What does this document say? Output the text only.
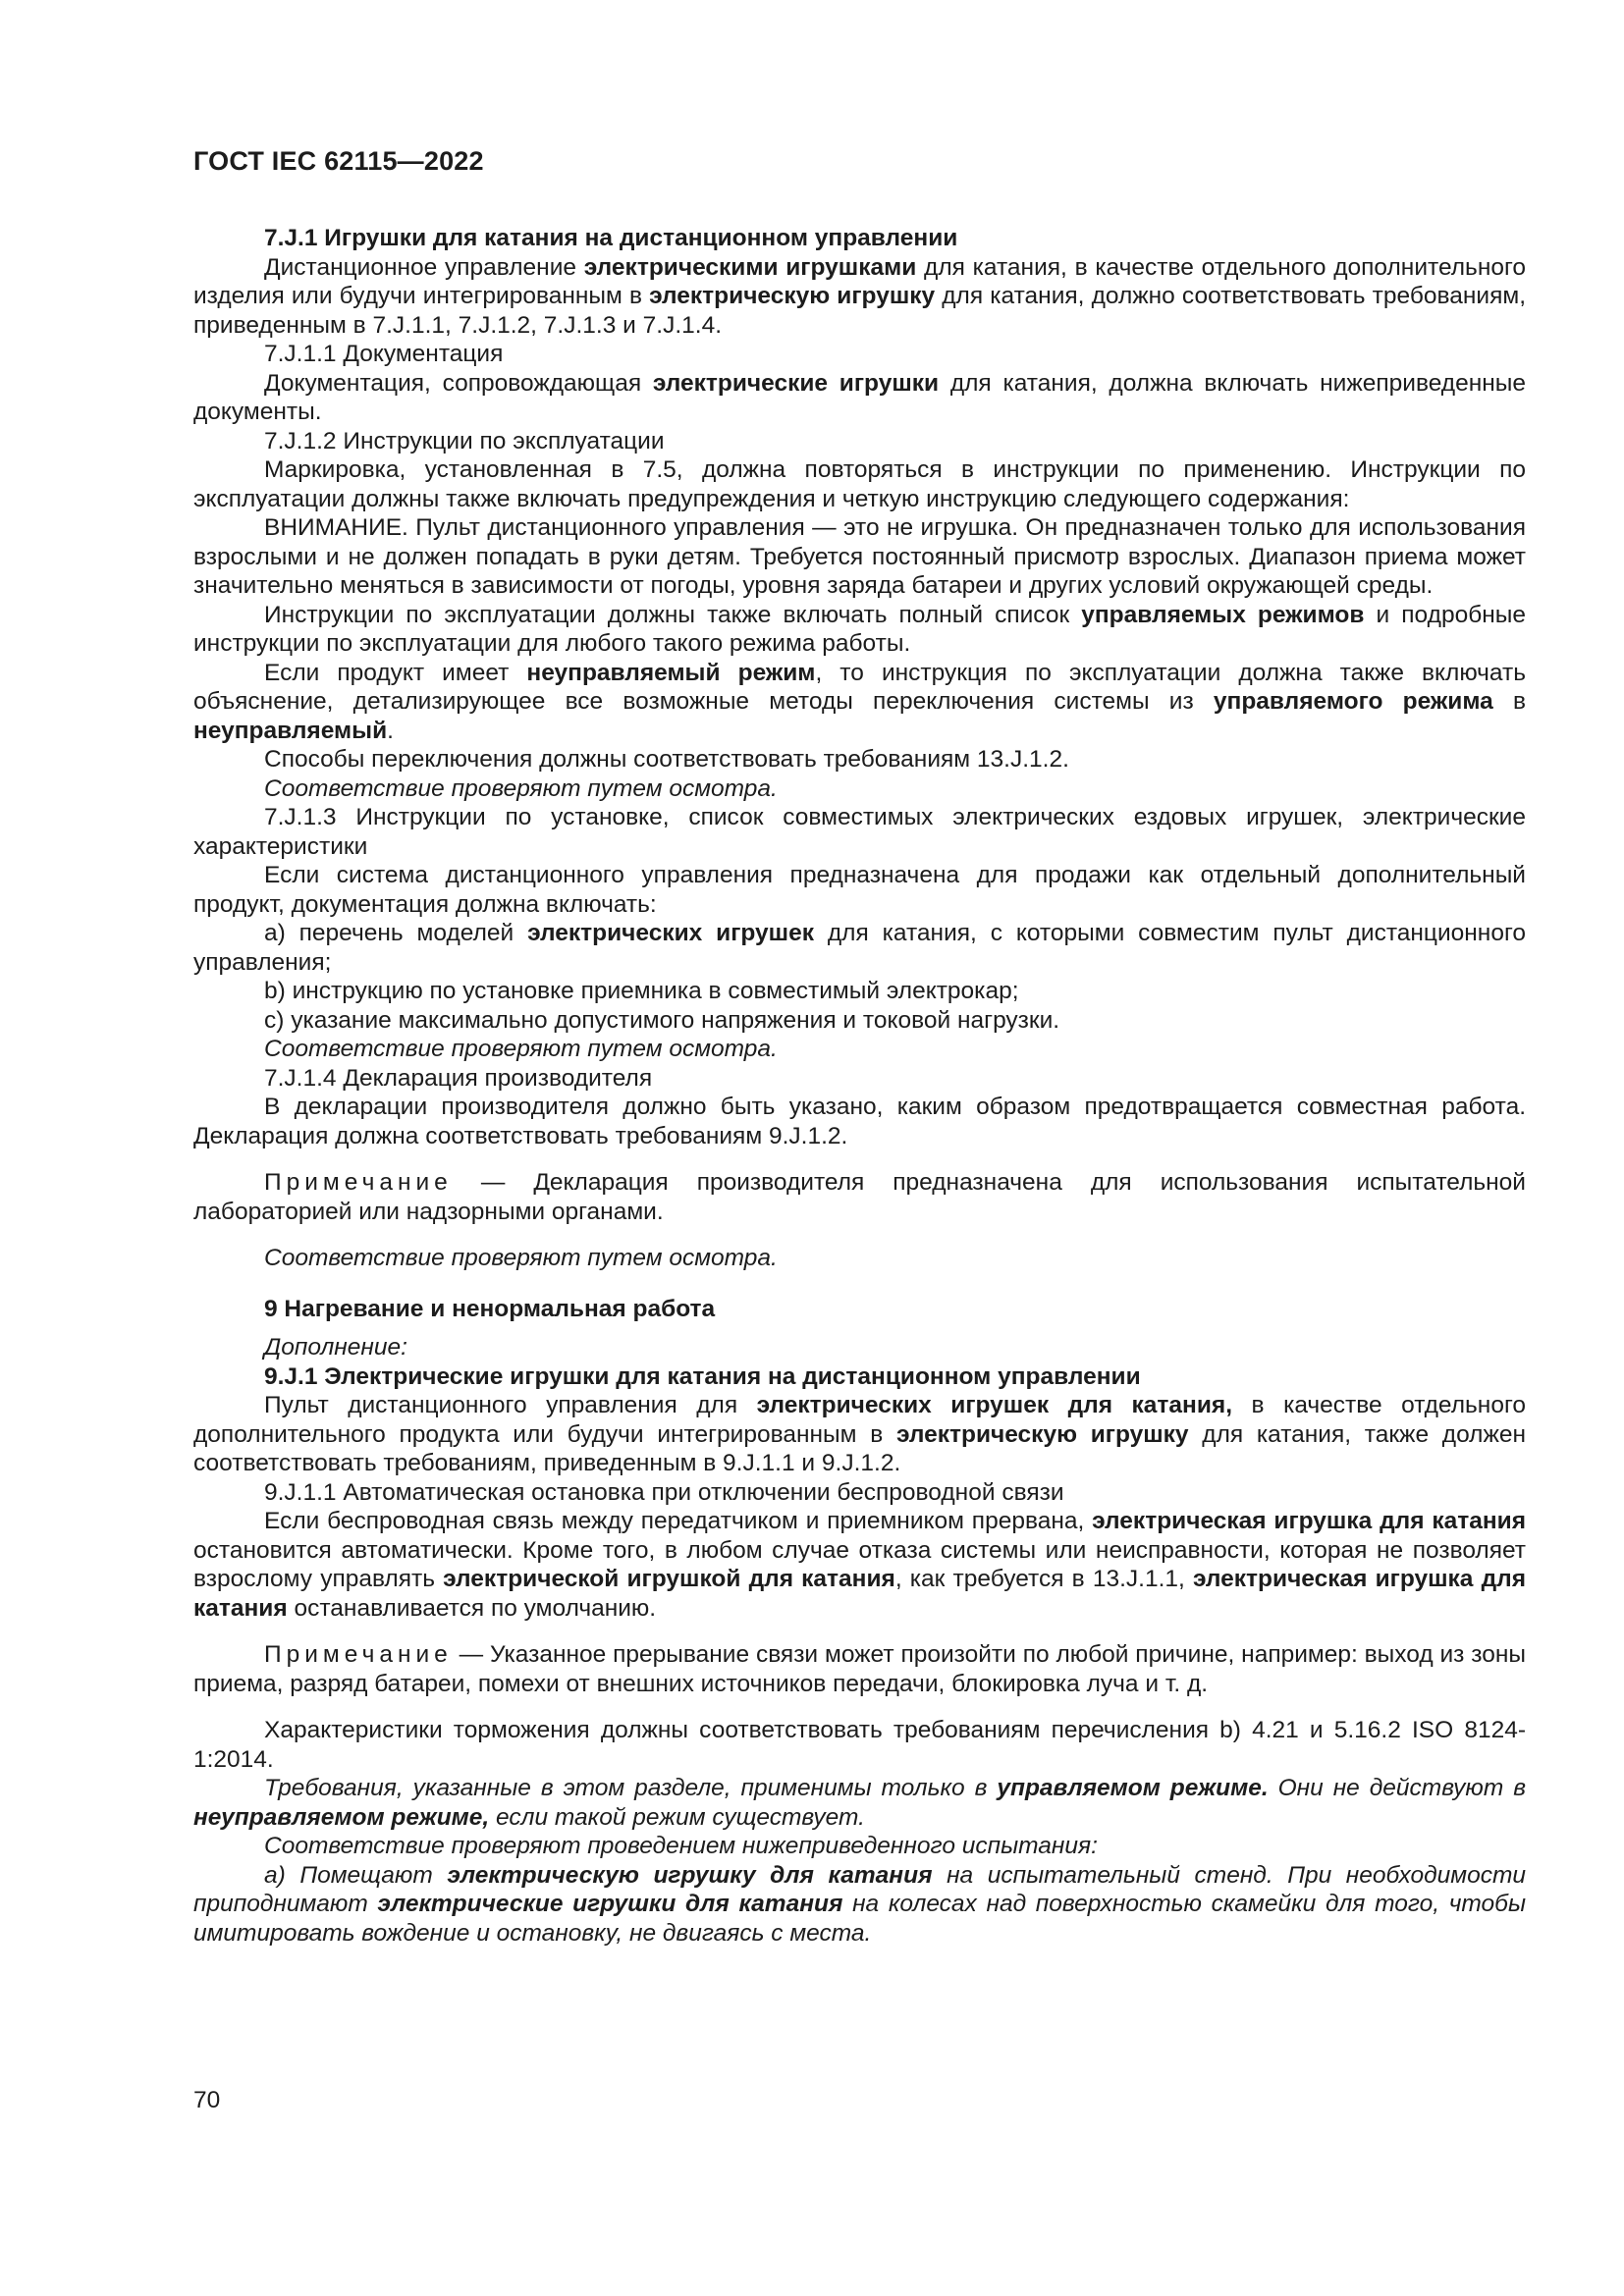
ГОСТ IEC 62115—2022

7.J.1 Игрушки для катания на дистанционном управлении

Дистанционное управление электрическими игрушками для катания, в качестве отдельного дополнительного изделия или будучи интегрированным в электрическую игрушку для катания, должно соответствовать требованиям, приведенным в 7.J.1.1, 7.J.1.2, 7.J.1.3 и 7.J.1.4.

7.J.1.1 Документация

Документация, сопровождающая электрические игрушки для катания, должна включать нижеприведенные документы.

7.J.1.2 Инструкции по эксплуатации

Маркировка, установленная в 7.5, должна повторяться в инструкции по применению. Инструкции по эксплуатации должны также включать предупреждения и четкую инструкцию следующего содержания:

ВНИМАНИЕ. Пульт дистанционного управления — это не игрушка. Он предназначен только для использования взрослыми и не должен попадать в руки детям. Требуется постоянный присмотр взрослых. Диапазон приема может значительно меняться в зависимости от погоды, уровня заряда батареи и других условий окружающей среды.

Инструкции по эксплуатации должны также включать полный список управляемых режимов и подробные инструкции по эксплуатации для любого такого режима работы.

Если продукт имеет неуправляемый режим, то инструкция по эксплуатации должна также включать объяснение, детализирующее все возможные методы переключения системы из управляемого режима в неуправляемый.

Способы переключения должны соответствовать требованиям 13.J.1.2.

Соответствие проверяют путем осмотра.

7.J.1.3 Инструкции по установке, список совместимых электрических ездовых игрушек, электрические характеристики

Если система дистанционного управления предназначена для продажи как отдельный дополнительный продукт, документация должна включать:

a) перечень моделей электрических игрушек для катания, с которыми совместим пульт дистанционного управления;

b) инструкцию по установке приемника в совместимый электрокар;

c) указание максимально допустимого напряжения и токовой нагрузки.

Соответствие проверяют путем осмотра.

7.J.1.4 Декларация производителя

В декларации производителя должно быть указано, каким образом предотвращается совместная работа. Декларация должна соответствовать требованиям 9.J.1.2.

Примечание — Декларация производителя предназначена для использования испытательной лабораторией или надзорными органами.

Соответствие проверяют путем осмотра.

9 Нагревание и ненормальная работа

Дополнение:

9.J.1 Электрические игрушки для катания на дистанционном управлении

Пульт дистанционного управления для электрических игрушек для катания, в качестве отдельного дополнительного продукта или будучи интегрированным в электрическую игрушку для катания, также должен соответствовать требованиям, приведенным в 9.J.1.1 и 9.J.1.2.

9.J.1.1 Автоматическая остановка при отключении беспроводной связи

Если беспроводная связь между передатчиком и приемником прервана, электрическая игрушка для катания остановится автоматически. Кроме того, в любом случае отказа системы или неисправности, которая не позволяет взрослому управлять электрической игрушкой для катания, как требуется в 13.J.1.1, электрическая игрушка для катания останавливается по умолчанию.

Примечание — Указанное прерывание связи может произойти по любой причине, например: выход из зоны приема, разряд батареи, помехи от внешних источников передачи, блокировка луча и т. д.

Характеристики торможения должны соответствовать требованиям перечисления b) 4.21 и 5.16.2 ISO 8124-1:2014.

Требования, указанные в этом разделе, применимы только в управляемом режиме. Они не действуют в неуправляемом режиме, если такой режим существует.

Соответствие проверяют проведением нижеприведенного испытания:

a) Помещают электрическую игрушку для катания на испытательный стенд. При необходимости приподнимают электрические игрушки для катания на колесах над поверхностью скамейки для того, чтобы имитировать вождение и остановку, не двигаясь с места.

70
